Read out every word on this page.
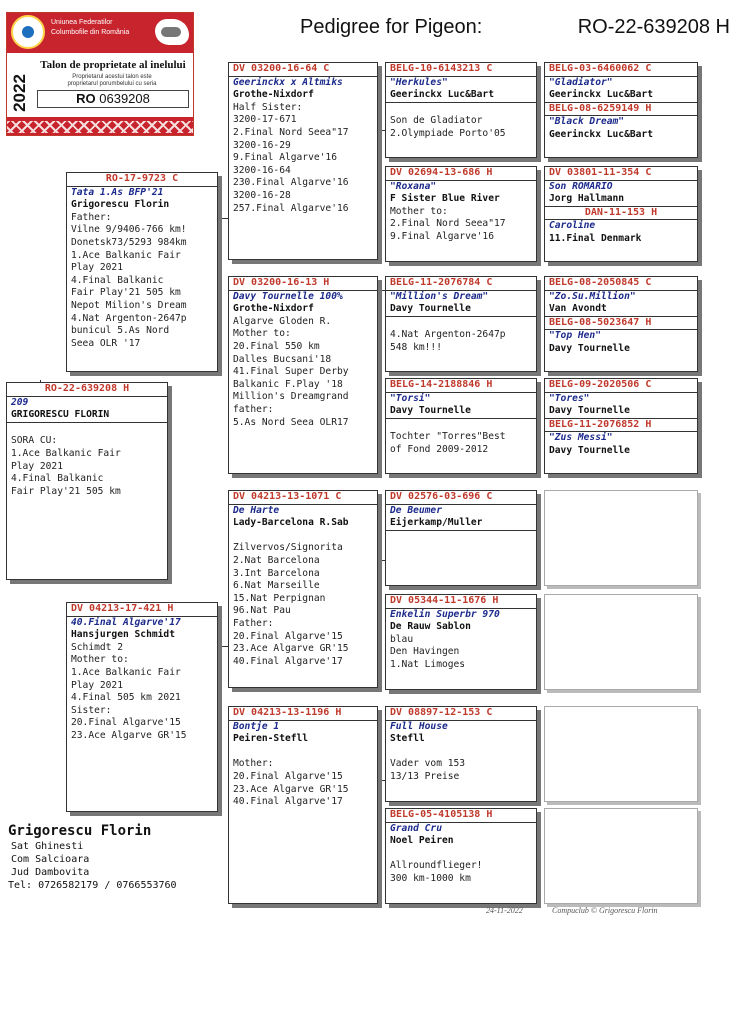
Pedigree for Pigeon:	RO-22-639208 H
Uniunea Federatilor
Columbofile din România
2022
Talon de proprietate al inelului
Proprietarul acestui talon este
proprietarul porumbelului cu seria
RO 0639208
RO-22-639208 H
209
GRIGORESCU FLORIN

SORA CU:
1.Ace Balkanic Fair
Play 2021
4.Final Balkanic
Fair Play'21 505 km
RO-17-9723 C
Tata 1.As BFP'21
Grigorescu Florin
Father:
Vilne 9/9406-766 km!
Donetsk73/5293 984km
1.Ace Balkanic Fair
Play 2021
4.Final Balkanic
Fair Play'21 505 km
Nepot Milion's Dream
4.Nat Argenton-2647p
bunicul 5.As Nord
Seea OLR '17
DV 04213-17-421 H
40.Final Algarve'17
Hansjurgen Schmidt
Schimdt 2
Mother to:
1.Ace Balkanic Fair
Play 2021
4.Final 505 km 2021
Sister:
20.Final Algarve'15
23.Ace Algarve GR'15
DV 03200-16-64 C
Geerinckx x Altmiks
Grothe-Nixdorf
Half Sister:
3200-17-671
2.Final Nord Seea"17
3200-16-29
9.Final Algarve'16
3200-16-64
230.Final Algarve'16
3200-16-28
257.Final Algarve'16
DV 03200-16-13 H
Davy Tournelle 100%
Grothe-Nixdorf
Algarve Gloden R.
Mother to:
20.Final 550 km
Dalles Bucsani'18
41.Final Super Derby
Balkanic F.Play '18
Million's Dreamgrand
father:
5.As Nord Seea OLR17
DV 04213-13-1071 C
De Harte
Lady-Barcelona R.Sab

Zilvervos/Signorita
2.Nat Barcelona
3.Int Barcelona
6.Nat Marseille
15.Nat Perpignan
96.Nat Pau
Father:
20.Final Algarve'15
23.Ace Algarve GR'15
40.Final Algarve'17
DV 04213-13-1196 H
Bontje 1
Peiren-Stefll

Mother:
20.Final Algarve'15
23.Ace Algarve GR'15
40.Final Algarve'17
BELG-10-6143213 C
"Herkules"
Geerinckx Luc&Bart

Son de Gladiator
2.Olympiade Porto'05
DV 02694-13-686 H
"Roxana"
F Sister Blue River
Mother to:
2.Final Nord Seea"17
9.Final Algarve'16
BELG-11-2076784 C
"Million's Dream"
Davy Tournelle

4.Nat Argenton-2647p
548 km!!!
BELG-14-2188846 H
"Torsi"
Davy Tournelle

Tochter "Torres"Best
of Fond 2009-2012
DV 02576-03-696 C
De Beumer
Eijerkamp/Muller
DV 05344-11-1676 H
Enkelin Superbr 970
De Rauw Sablon
blau
Den Havingen
1.Nat Limoges
DV 08897-12-153 C
Full House
Stefll

Vader vom 153
13/13 Preise
BELG-05-4105138 H
Grand Cru
Noel Peiren

Allroundflieger!
300 km-1000 km
BELG-03-6460062 C
"Gladiator"
Geerinckx Luc&Bart
BELG-08-6259149 H
"Black Dream"
Geerinckx Luc&Bart
DV 03801-11-354 C
Son ROMARIO
Jorg Hallmann
DAN-11-153 H
Caroline
11.Final Denmark
BELG-08-2050845 C
"Zo.Su.Million"
Van Avondt
BELG-08-5023647 H
"Top Hen"
Davy Tournelle
BELG-09-2020506 C
"Tores"
Davy Tournelle
BELG-11-2076852 H
"Zus Messi"
Davy Tournelle
Grigorescu Florin
Sat Ghinesti
Com Salcioara
Jud Dambovita
Tel: 0726582179 / 0766553760
24-11-2022	Compuclub © Grigorescu Florin
